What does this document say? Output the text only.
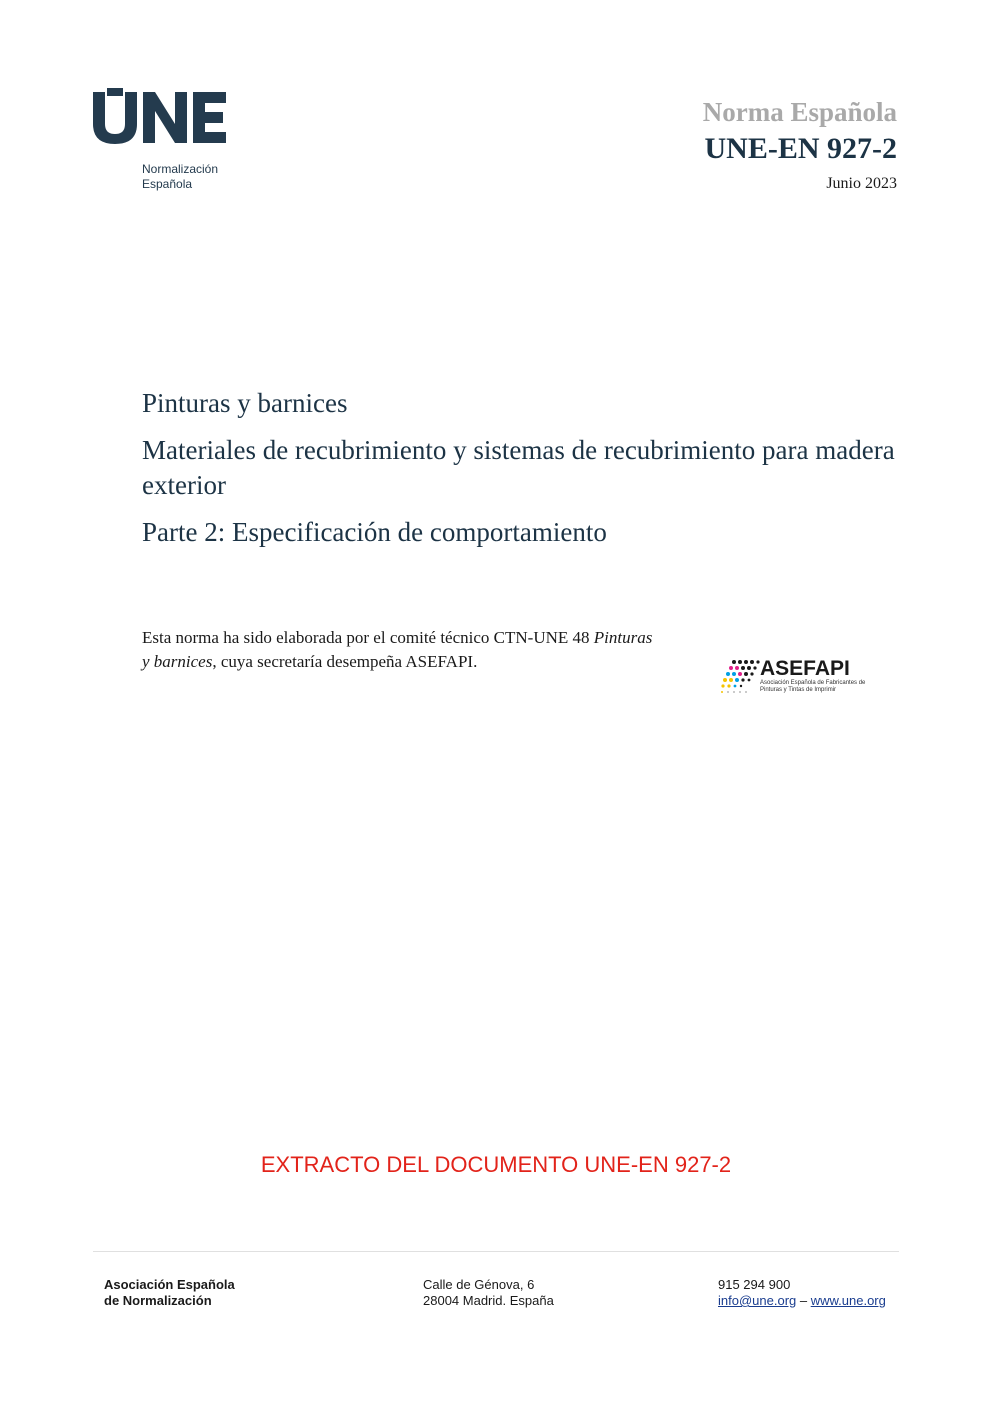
Normalización
Española
Norma Española
UNE-EN 927-2
Junio 2023
Pinturas y barnices
Materiales de recubrimiento y sistemas de recubrimiento para madera exterior
Parte 2: Especificación de comportamiento
Esta norma ha sido elaborada por el comité técnico CTN-UNE 48 Pinturas y barnices, cuya secretaría desempeña ASEFAPI.	ASEFAPI
Asociación Española de Fabricantes de Pinturas y Tintas de Imprimir
EXTRACTO DEL DOCUMENTO UNE-EN 927-2
Asociación Española
de Normalización
Calle de Génova, 6
28004 Madrid. España
915 294 900
info@une.org – www.une.org
